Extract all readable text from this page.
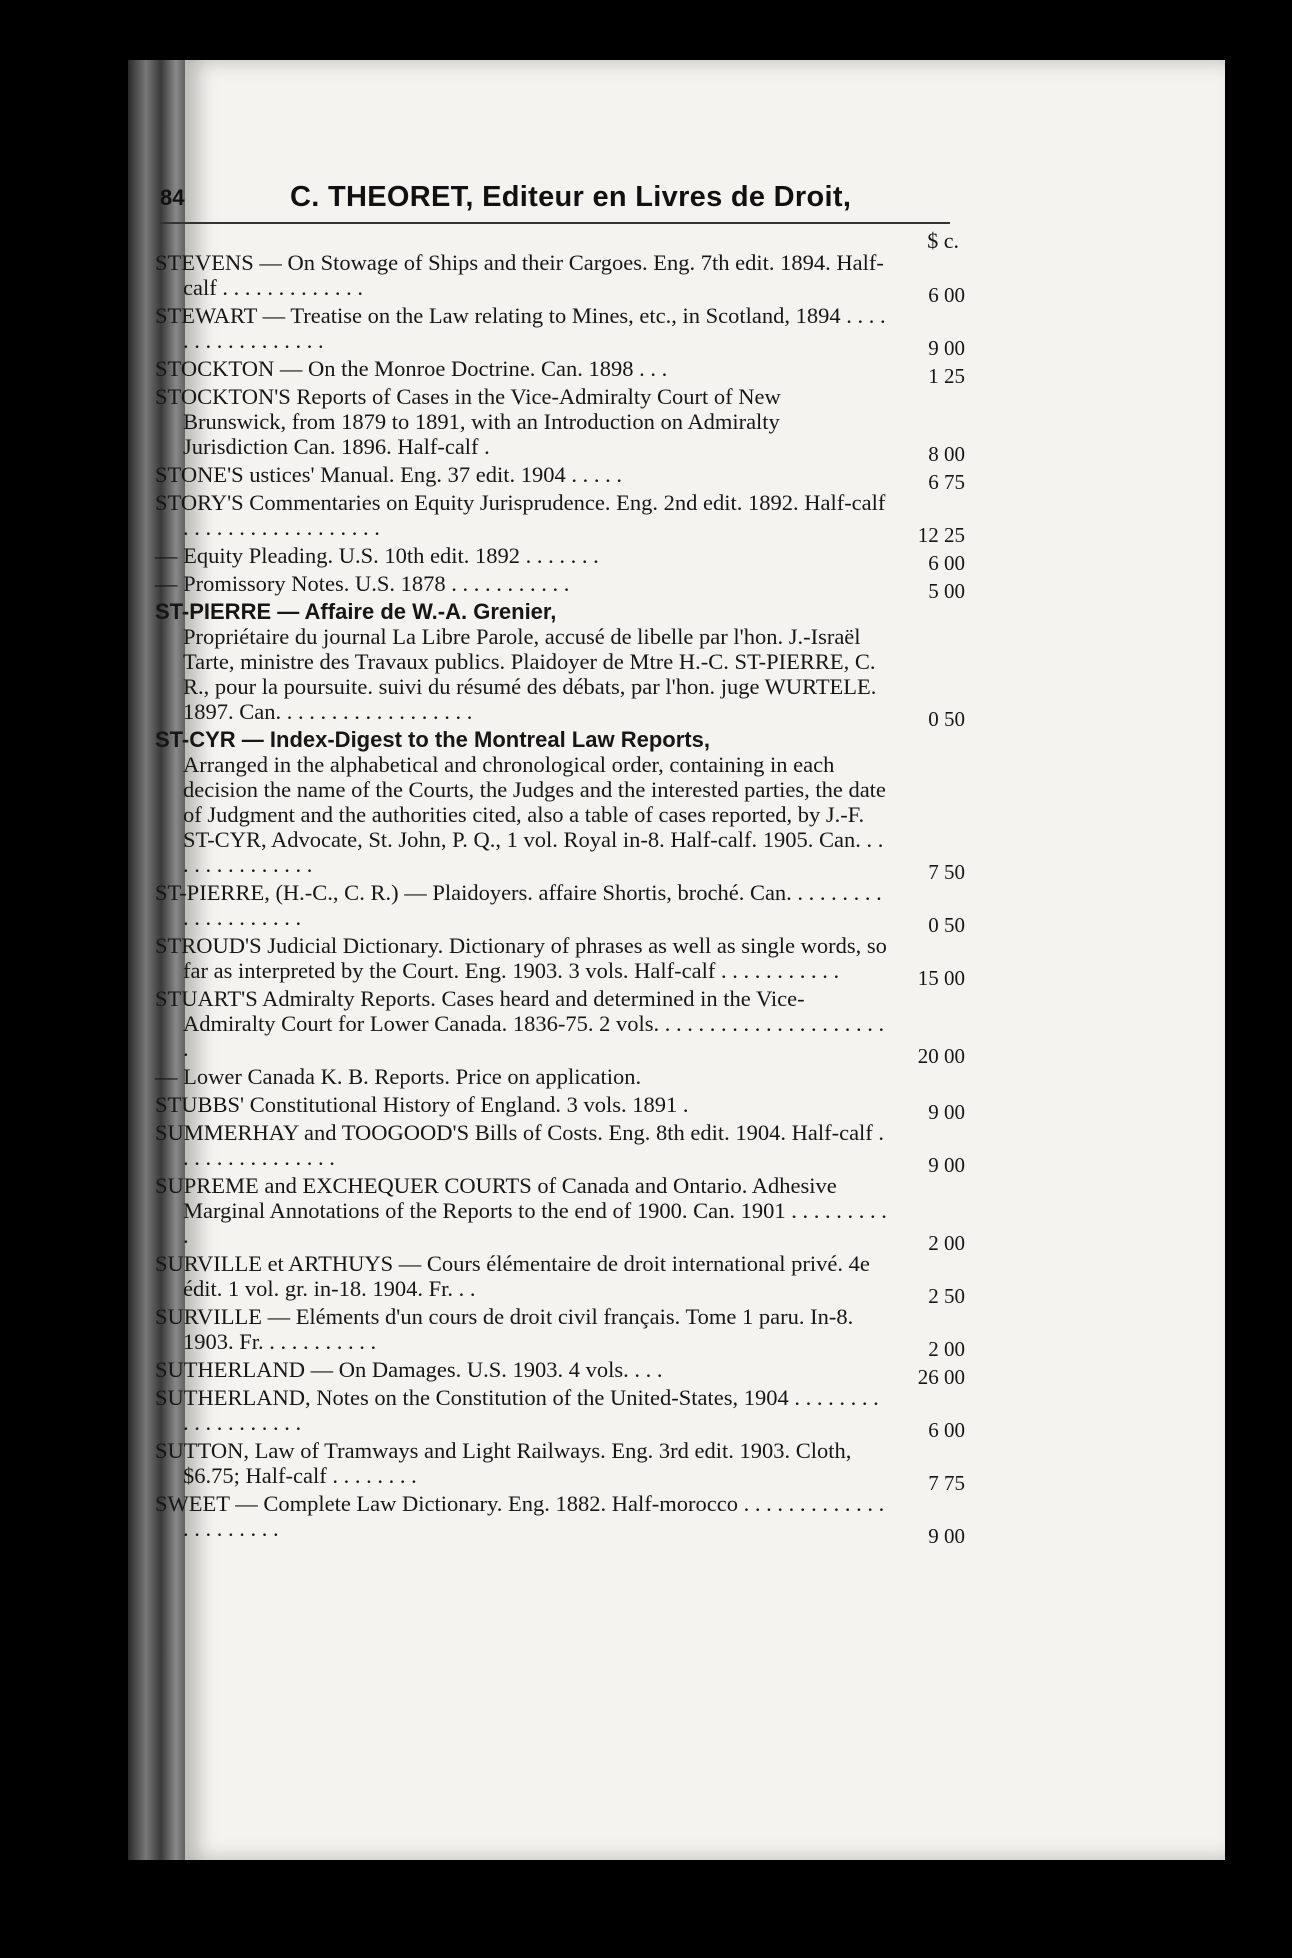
84	C. THEORET, Editeur en Livres de Droit,
$ c.
STEVENS — On Stowage of Ships and their Cargoes. Eng. 7th edit. 1894. Half-calf . . . . . . . . . . . . .	6 00
STEWART — Treatise on the Law relating to Mines, etc., in Scotland, 1894 . . . . . . . . . . . . . . . . .	9 00
STOCKTON — On the Monroe Doctrine. Can. 1898 . . .	1 25
STOCKTON'S Reports of Cases in the Vice-Admiralty Court of New Brunswick, from 1879 to 1891, with an Introduction on Admiralty Jurisdiction Can. 1896. Half-calf .	8 00
STONE'S ustices' Manual. Eng. 37 edit. 1904 . . . . .	6 75
STORY'S Commentaries on Equity Jurisprudence. Eng. 2nd edit. 1892. Half-calf . . . . . . . . . . . . . . . . . .	12 25
— Equity Pleading. U.S. 10th edit. 1892 . . . . . . .	6 00
— Promissory Notes. U.S. 1878 . . . . . . . . . . .	5 00
ST-PIERRE — Affaire de W.-A. Grenier,
Propriétaire du journal La Libre Parole, accusé de libelle par l'hon. J.-Israël Tarte, ministre des Travaux publics. Plaidoyer de Mtre H.-C. ST-PIERRE, C. R., pour la poursuite. suivi du résumé des débats, par l'hon. juge WURTELE. 1897. Can. . . . . . . . . . . . . . . . . .	0 50
ST-CYR — Index-Digest to the Montreal Law Reports,
Arranged in the alphabetical and chronological order, containing in each decision the name of the Courts, the Judges and the interested parties, the date of Judgment and the authorities cited, also a table of cases reported, by J.-F. ST-CYR, Advocate, St. John, P. Q., 1 vol. Royal in-8. Half-calf. 1905. Can. . . . . . . . . . . . . . .	7 50
ST-PIERRE, (H.-C., C. R.) — Plaidoyers. affaire Shortis, broché. Can. . . . . . . . . . . . . . . . . . . .	0 50
STROUD'S Judicial Dictionary. Dictionary of phrases as well as single words, so far as interpreted by the Court. Eng. 1903. 3 vols. Half-calf . . . . . . . . . . .	15 00
STUART'S Admiralty Reports. Cases heard and determined in the Vice-Admiralty Court for Lower Canada. 1836-75. 2 vols. . . . . . . . . . . . . . . . . . . . . .	20 00
— Lower Canada K. B. Reports. Price on application.
STUBBS' Constitutional History of England. 3 vols. 1891 .	9 00
SUMMERHAY and TOOGOOD'S Bills of Costs. Eng. 8th edit. 1904. Half-calf . . . . . . . . . . . . . . .	9 00
SUPREME and EXCHEQUER COURTS of Canada and Ontario. Adhesive Marginal Annotations of the Reports to the end of 1900. Can. 1901 . . . . . . . . . .	2 00
SURVILLE et ARTHUYS — Cours élémentaire de droit international privé. 4e édit. 1 vol. gr. in-18. 1904. Fr. . .	2 50
SURVILLE — Eléments d'un cours de droit civil français. Tome 1 paru. In-8. 1903. Fr. . . . . . . . . . .	2 00
SUTHERLAND — On Damages. U.S. 1903. 4 vols. . . .	26 00
SUTHERLAND, Notes on the Constitution of the United-States, 1904 . . . . . . . . . . . . . . . . . . .	6 00
SUTTON, Law of Tramways and Light Railways. Eng. 3rd edit. 1903. Cloth, $6.75; Half-calf . . . . . . . .	7 75
SWEET — Complete Law Dictionary. Eng. 1882. Half-morocco . . . . . . . . . . . . . . . . . . . . . .	9 00
